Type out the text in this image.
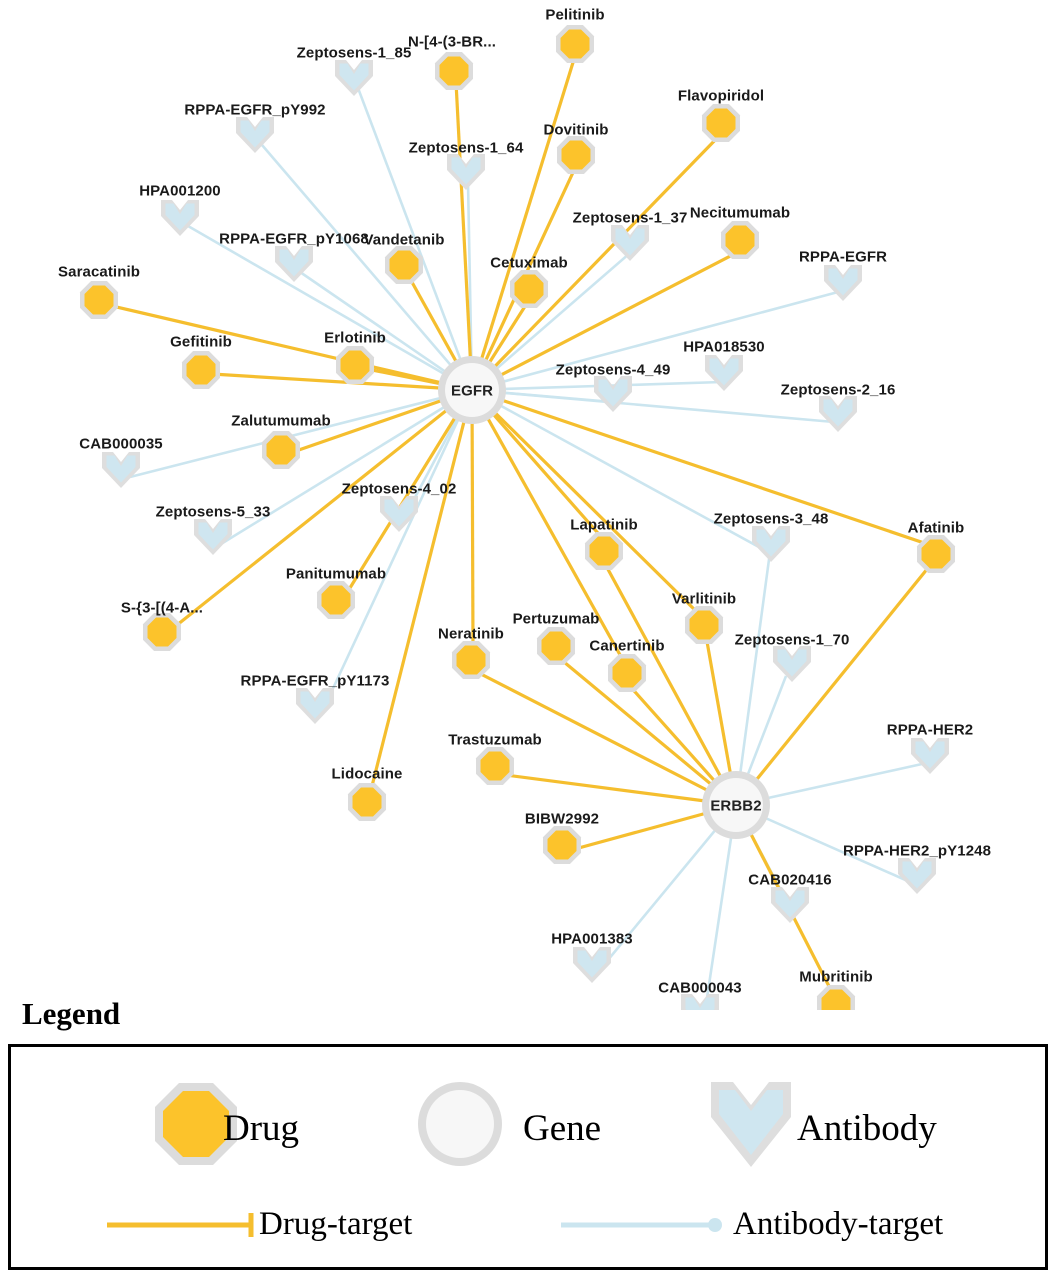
EGFR
ERBB2
Pelitinib
N-[4-(3-BR...
Dovitinib
Flavopiridol
Necitumumab
Vandetanib
Cetuximab
Saracatinib
Gefitinib	Erlotinib
Zalutumumab
Panitumumab
S-{3-[(4-A...
Lidocaine
Lapatinib	Afatinib
Varlitinib
Pertuzumab
Neratinib
Canertinib
Trastuzumab
BIBW2992
Mubritinib
Zeptosens-1_85
RPPA-EGFR_pY992
Zeptosens-1_64
HPA001200
Zeptosens-1_37
RPPA-EGFR_pY1068
RPPA-EGFR
HPA018530
Zeptosens-4_49
Zeptosens-2_16
CAB000035
Zeptosens-4_02
Zeptosens-5_33	Zeptosens-3_48
RPPA-EGFR_pY1173
Zeptosens-1_70
RPPA-HER2
RPPA-HER2_pY1248
CAB020416
HPA001383
CAB000043
Legend
Drug	Gene	Antibody
Drug-target	Antibody-target
